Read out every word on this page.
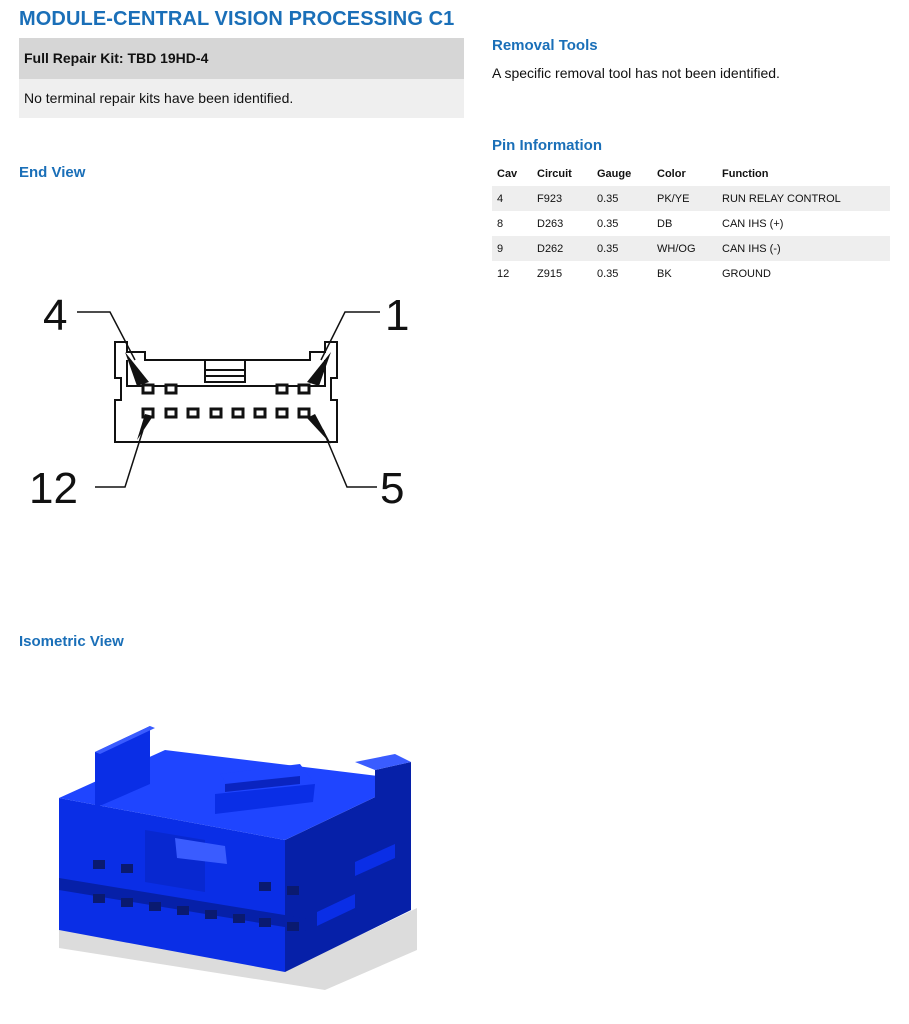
MODULE-CENTRAL VISION PROCESSING C1
Full Repair Kit: TBD 19HD-4
No terminal repair kits have been identified.
Removal Tools
A specific removal tool has not been identified.
Pin Information
Cav	Circuit	Gauge	Color	Function
4	F923	0.35	PK/YE	RUN RELAY CONTROL
8	D263	0.35	DB	CAN IHS (+)
9	D262	0.35	WH/OG	CAN IHS (-)
12	Z915	0.35	BK	GROUND
End View
4	1
12	5
Isometric View
